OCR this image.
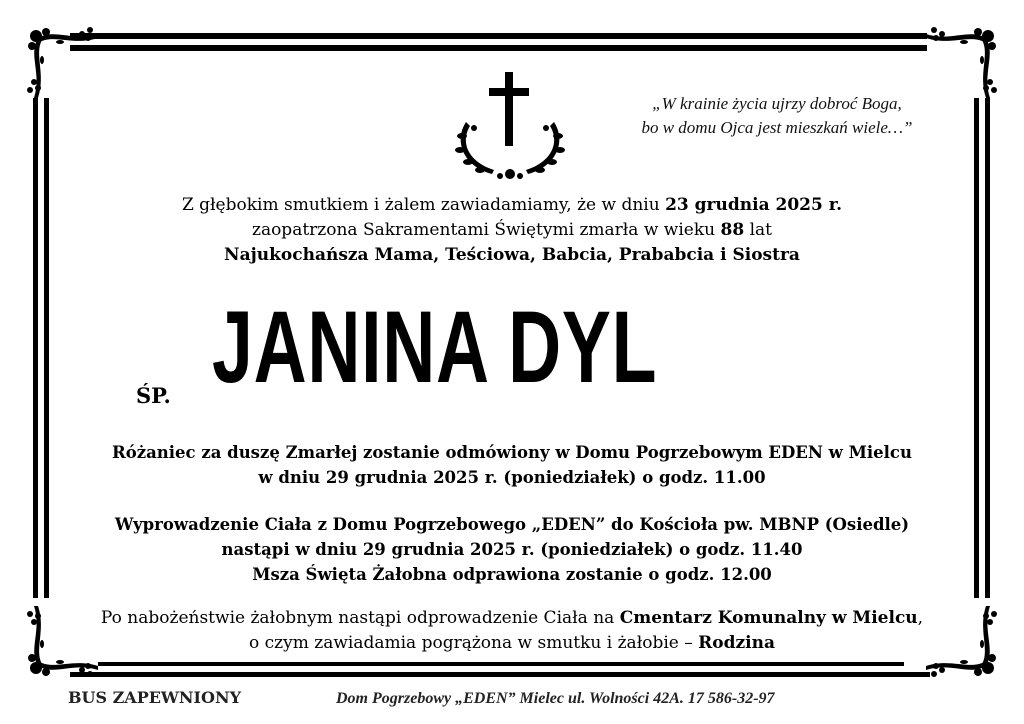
„W krainie życia ujrzy dobroć Boga,
bo w domu Ojca jest mieszkań wiele…”
Z głębokim smutkiem i żalem zawiadamiamy, że w dniu 23 grudnia 2025 r.
zaopatrzona Sakramentami Świętymi zmarła w wieku 88 lat
Najukochańsza Mama, Teściowa, Babcia, Prababcia i Siostra
ŚP. JANINA DYL
Różaniec za duszę Zmarłej zostanie odmówiony w Domu Pogrzebowym EDEN w Mielcu
w dniu 29 grudnia 2025 r. (poniedziałek) o godz. 11.00
Wyprowadzenie Ciała z Domu Pogrzebowego „EDEN” do Kościoła pw. MBNP (Osiedle)
nastąpi w dniu 29 grudnia 2025 r. (poniedziałek) o godz. 11.40
Msza Święta Żałobna odprawiona zostanie o godz. 12.00
Po nabożeństwie żałobnym nastąpi odprowadzenie Ciała na Cmentarz Komunalny w Mielcu,
o czym zawiadamia pogrążona w smutku i żałobie – Rodzina
BUS ZAPEWNIONY	Dom Pogrzebowy „EDEN” Mielec ul. Wolności 42A. 17 586-32-97
